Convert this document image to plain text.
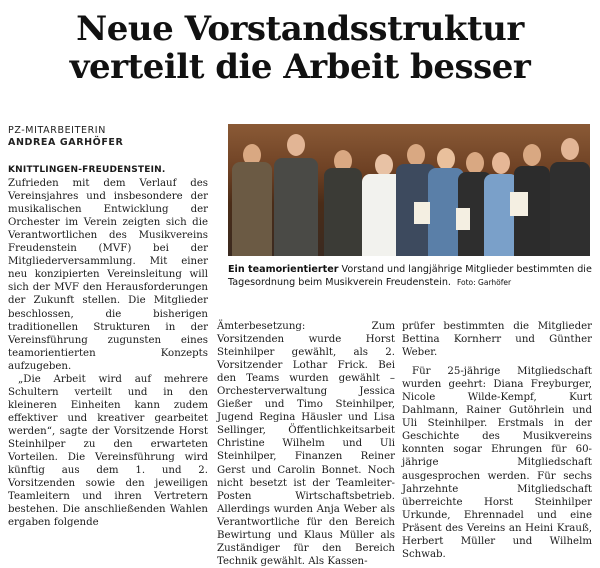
Neue Vorstandsstruktur
verteilt die Arbeit besser
PZ-MITARBEITERIN
ANDREA GARHÖFER
Ein teamorientierter Vorstand und langjährige Mitglieder bestimmten die Tagesordnung beim Musikverein Freudenstein. Foto: Garhöfer

KNITTLINGEN-FREUDENSTEIN. Zufrieden mit dem Verlauf des Vereinsjahres und insbesondere der musikalischen Entwicklung der Orchester im Verein zeigten sich die Verantwortlichen des Musikvereins Freudenstein (MVF) bei der Mitgliederversammlung. Mit einer neu konzipierten Vereinsleitung will sich der MVF den Herausforderungen der Zukunft stellen. Die Mitglieder beschlossen, die bisherigen traditionellen Strukturen in der Vereinsführung zugunsten eines teamorientierten Konzepts aufzugeben.

„Die Arbeit wird auf mehrere Schultern verteilt und in den kleineren Einheiten kann zudem effektiver und kreativer gearbeitet werden“, sagte der Vorsitzende Horst Steinhilper zu den erwarteten Vorteilen. Die Vereinsführung wird künftig aus dem 1. und 2. Vorsitzenden sowie den jeweiligen Teamleitern und ihren Vertretern bestehen. Die anschließenden Wahlen ergaben folgende

Ämterbesetzung: Zum Vorsitzenden wurde Horst Steinhilper gewählt, als 2. Vorsitzender Lothar Frick. Bei den Teams wurden gewählt – Orchesterverwaltung Jessica Gießer und Timo Steinhilper, Jugend Regina Häusler und Lisa Sellinger, Öffentlichkeitsarbeit Christine Wilhelm und Uli Steinhilper, Finanzen Reiner Gerst und Carolin Bonnet. Noch nicht besetzt ist der Teamleiter-Posten Wirtschaftsbetrieb. Allerdings wurden Anja Weber als Verantwortliche für den Bereich Bewirtung und Klaus Müller als Zuständiger für den Bereich Technik gewählt. Als Kassen-

prüfer bestimmten die Mitglieder Bettina Kornherr und Günther Weber.

Für 25-jährige Mitgliedschaft wurden geehrt: Diana Freyburger, Nicole Wilde-Kempf, Kurt Dahlmann, Rainer Gutöhrlein und Uli Steinhilper. Erstmals in der Geschichte des Musikvereins konnten sogar Ehrungen für 60-jährige Mitgliedschaft ausgesprochen werden. Für sechs Jahrzehnte Mitgliedschaft überreichte Horst Steinhilper Urkunde, Ehrennadel und eine Präsent des Vereins an Heini Krauß, Herbert Müller und Wilhelm Schwab.
